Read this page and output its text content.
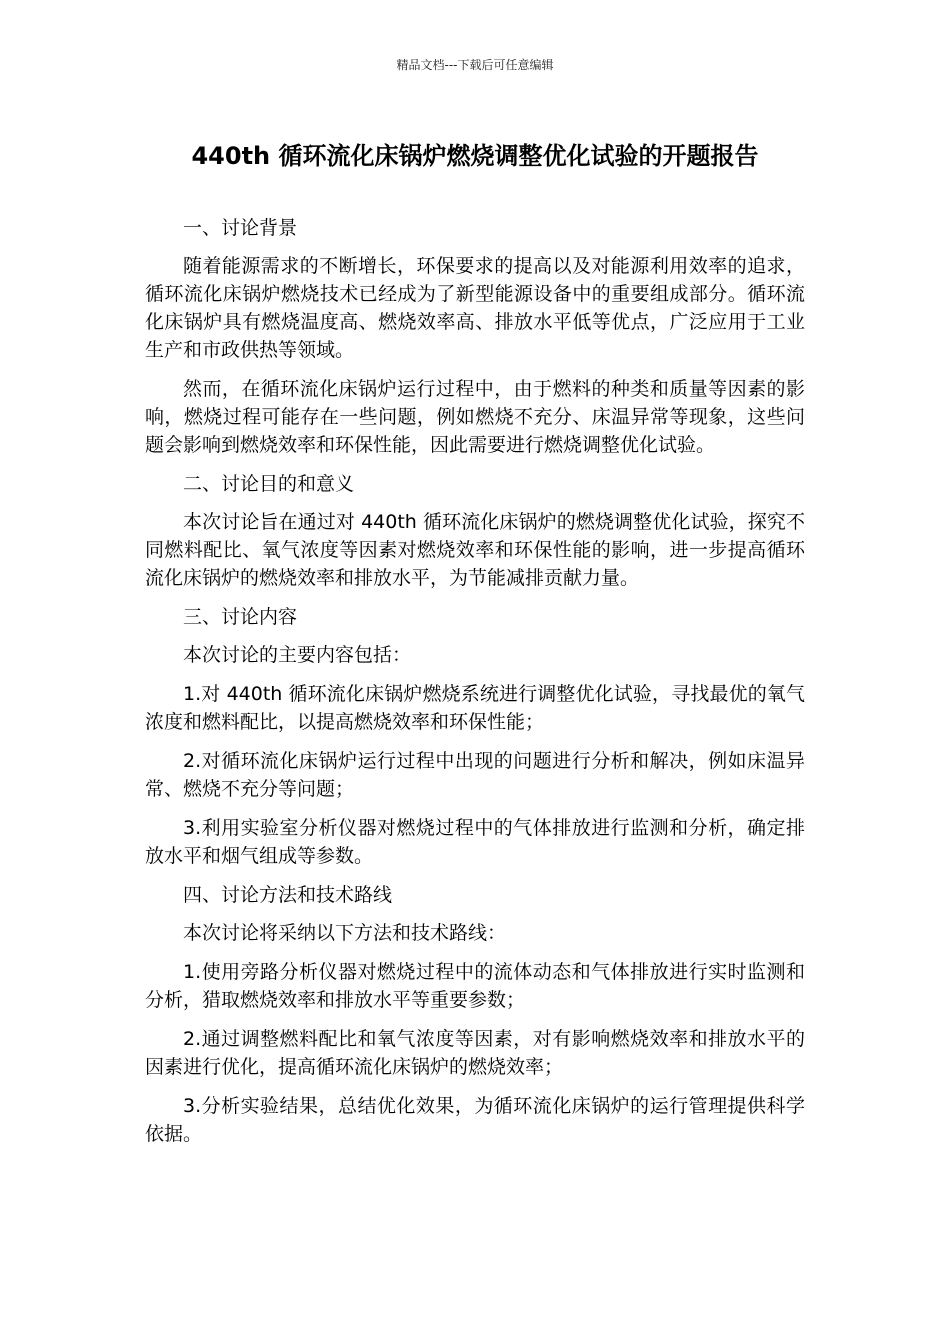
精品文档---下载后可任意编辑
440th 循环流化床锅炉燃烧调整优化试验的开题报告

一、讨论背景

随着能源需求的不断增长，环保要求的提高以及对能源利用效率的追求，循环流化床锅炉燃烧技术已经成为了新型能源设备中的重要组成部分。循环流化床锅炉具有燃烧温度高、燃烧效率高、排放水平低等优点，广泛应用于工业生产和市政供热等领域。

然而，在循环流化床锅炉运行过程中，由于燃料的种类和质量等因素的影响，燃烧过程可能存在一些问题，例如燃烧不充分、床温异常等现象，这些问题会影响到燃烧效率和环保性能，因此需要进行燃烧调整优化试验。

二、讨论目的和意义

本次讨论旨在通过对 440th 循环流化床锅炉的燃烧调整优化试验，探究不同燃料配比、氧气浓度等因素对燃烧效率和环保性能的影响，进一步提高循环流化床锅炉的燃烧效率和排放水平，为节能减排贡献力量。

三、讨论内容

本次讨论的主要内容包括：

1.对 440th 循环流化床锅炉燃烧系统进行调整优化试验，寻找最优的氧气浓度和燃料配比，以提高燃烧效率和环保性能；

2.对循环流化床锅炉运行过程中出现的问题进行分析和解决，例如床温异常、燃烧不充分等问题；

3.利用实验室分析仪器对燃烧过程中的气体排放进行监测和分析，确定排放水平和烟气组成等参数。

四、讨论方法和技术路线

本次讨论将采纳以下方法和技术路线：

1.使用旁路分析仪器对燃烧过程中的流体动态和气体排放进行实时监测和分析，猎取燃烧效率和排放水平等重要参数；

2.通过调整燃料配比和氧气浓度等因素，对有影响燃烧效率和排放水平的因素进行优化，提高循环流化床锅炉的燃烧效率；

3.分析实验结果，总结优化效果，为循环流化床锅炉的运行管理提供科学依据。
